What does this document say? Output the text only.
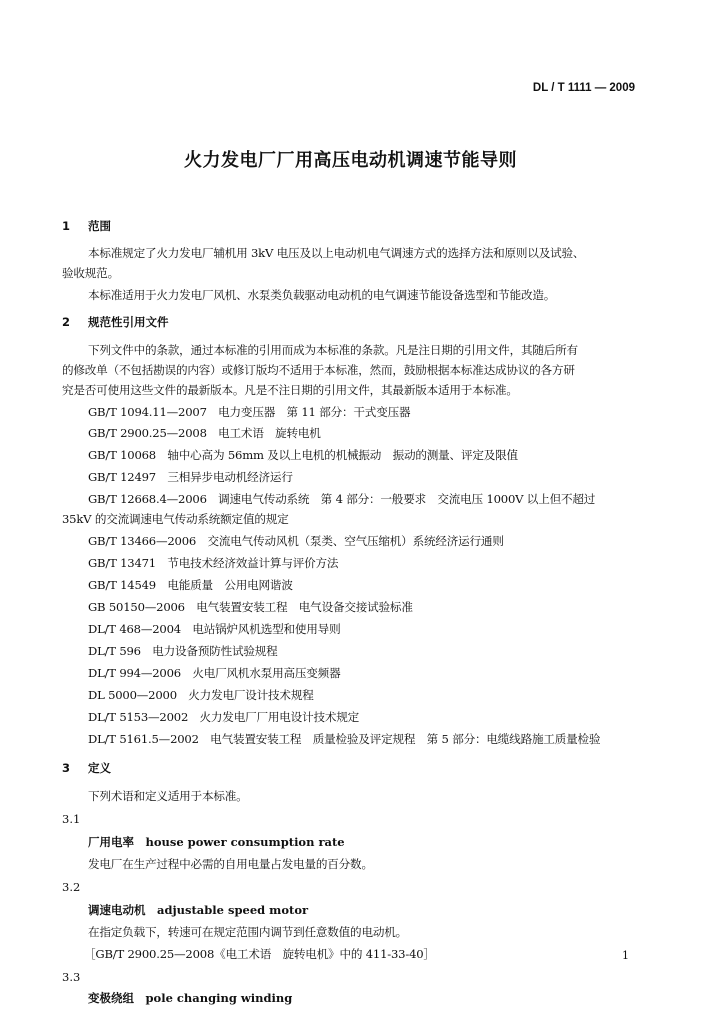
DL / T 1111 — 2009
火力发电厂厂用高压电动机调速节能导则
1 范围
本标准规定了火力发电厂辅机用 3kV 电压及以上电动机电气调速方式的选择方法和原则以及试验、
验收规范。
本标准适用于火力发电厂风机、水泵类负载驱动电动机的电气调速节能设备选型和节能改造。
2 规范性引用文件
下列文件中的条款，通过本标准的引用而成为本标准的条款。凡是注日期的引用文件，其随后所有
的修改单（不包括勘误的内容）或修订版均不适用于本标准，然而，鼓励根据本标准达成协议的各方研
究是否可使用这些文件的最新版本。凡是不注日期的引用文件，其最新版本适用于本标准。
GB/T 1094.11—2007　电力变压器　第 11 部分：干式变压器
GB/T 2900.25—2008　电工术语　旋转电机
GB/T 10068　轴中心高为 56mm 及以上电机的机械振动　振动的测量、评定及限值
GB/T 12497　三相异步电动机经济运行
GB/T 12668.4—2006　调速电气传动系统　第 4 部分：一般要求　交流电压 1000V 以上但不超过
35kV 的交流调速电气传动系统额定值的规定
GB/T 13466—2006　交流电气传动风机（泵类、空气压缩机）系统经济运行通则
GB/T 13471　节电技术经济效益计算与评价方法
GB/T 14549　电能质量　公用电网谐波
GB 50150—2006　电气装置安装工程　电气设备交接试验标准
DL/T 468—2004　电站锅炉风机选型和使用导则
DL/T 596　电力设备预防性试验规程
DL/T 994—2006　火电厂风机水泵用高压变频器
DL 5000—2000　火力发电厂设计技术规程
DL/T 5153—2002　火力发电厂厂用电设计技术规定
DL/T 5161.5—2002　电气装置安装工程　质量检验及评定规程　第 5 部分：电缆线路施工质量检验
3 定义
下列术语和定义适用于本标准。
3.1
厂用电率　house power consumption rate
发电厂在生产过程中必需的自用电量占发电量的百分数。
3.2
调速电动机　adjustable speed motor
在指定负载下，转速可在规定范围内调节到任意数值的电动机。
［GB/T 2900.25—2008《电工术语　旋转电机》中的 411-33-40］
3.3
变极绕组　pole changing winding
1
